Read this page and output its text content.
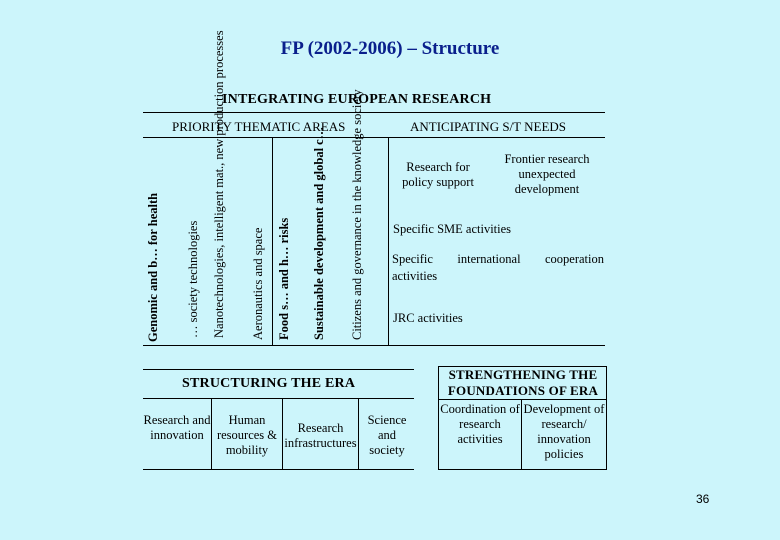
FP (2002-2006) – Structure
INTEGRATING EUROPEAN RESEARCH
PRIORITY THEMATIC AREAS	ANTICIPATING S/T NEEDS
Genomic and b… for health … society technologies Nanotechnologies, intelligent mat., new production processes Aeronautics and space Food s… and h… risks Sustainable development and global c… Citizens and governance in the knowledge society	Research for policy support
Frontier research unexpected development
Specific SME activities
Specific international cooperation
activities
JRC activities
STRUCTURING THE ERA
Research and innovation
Human resources & mobility
Research infrastructures
Science and society
STRENGTHENING THE FOUNDATIONS OF ERA
Coordination of research activities
Development of research/ innovation policies
36
